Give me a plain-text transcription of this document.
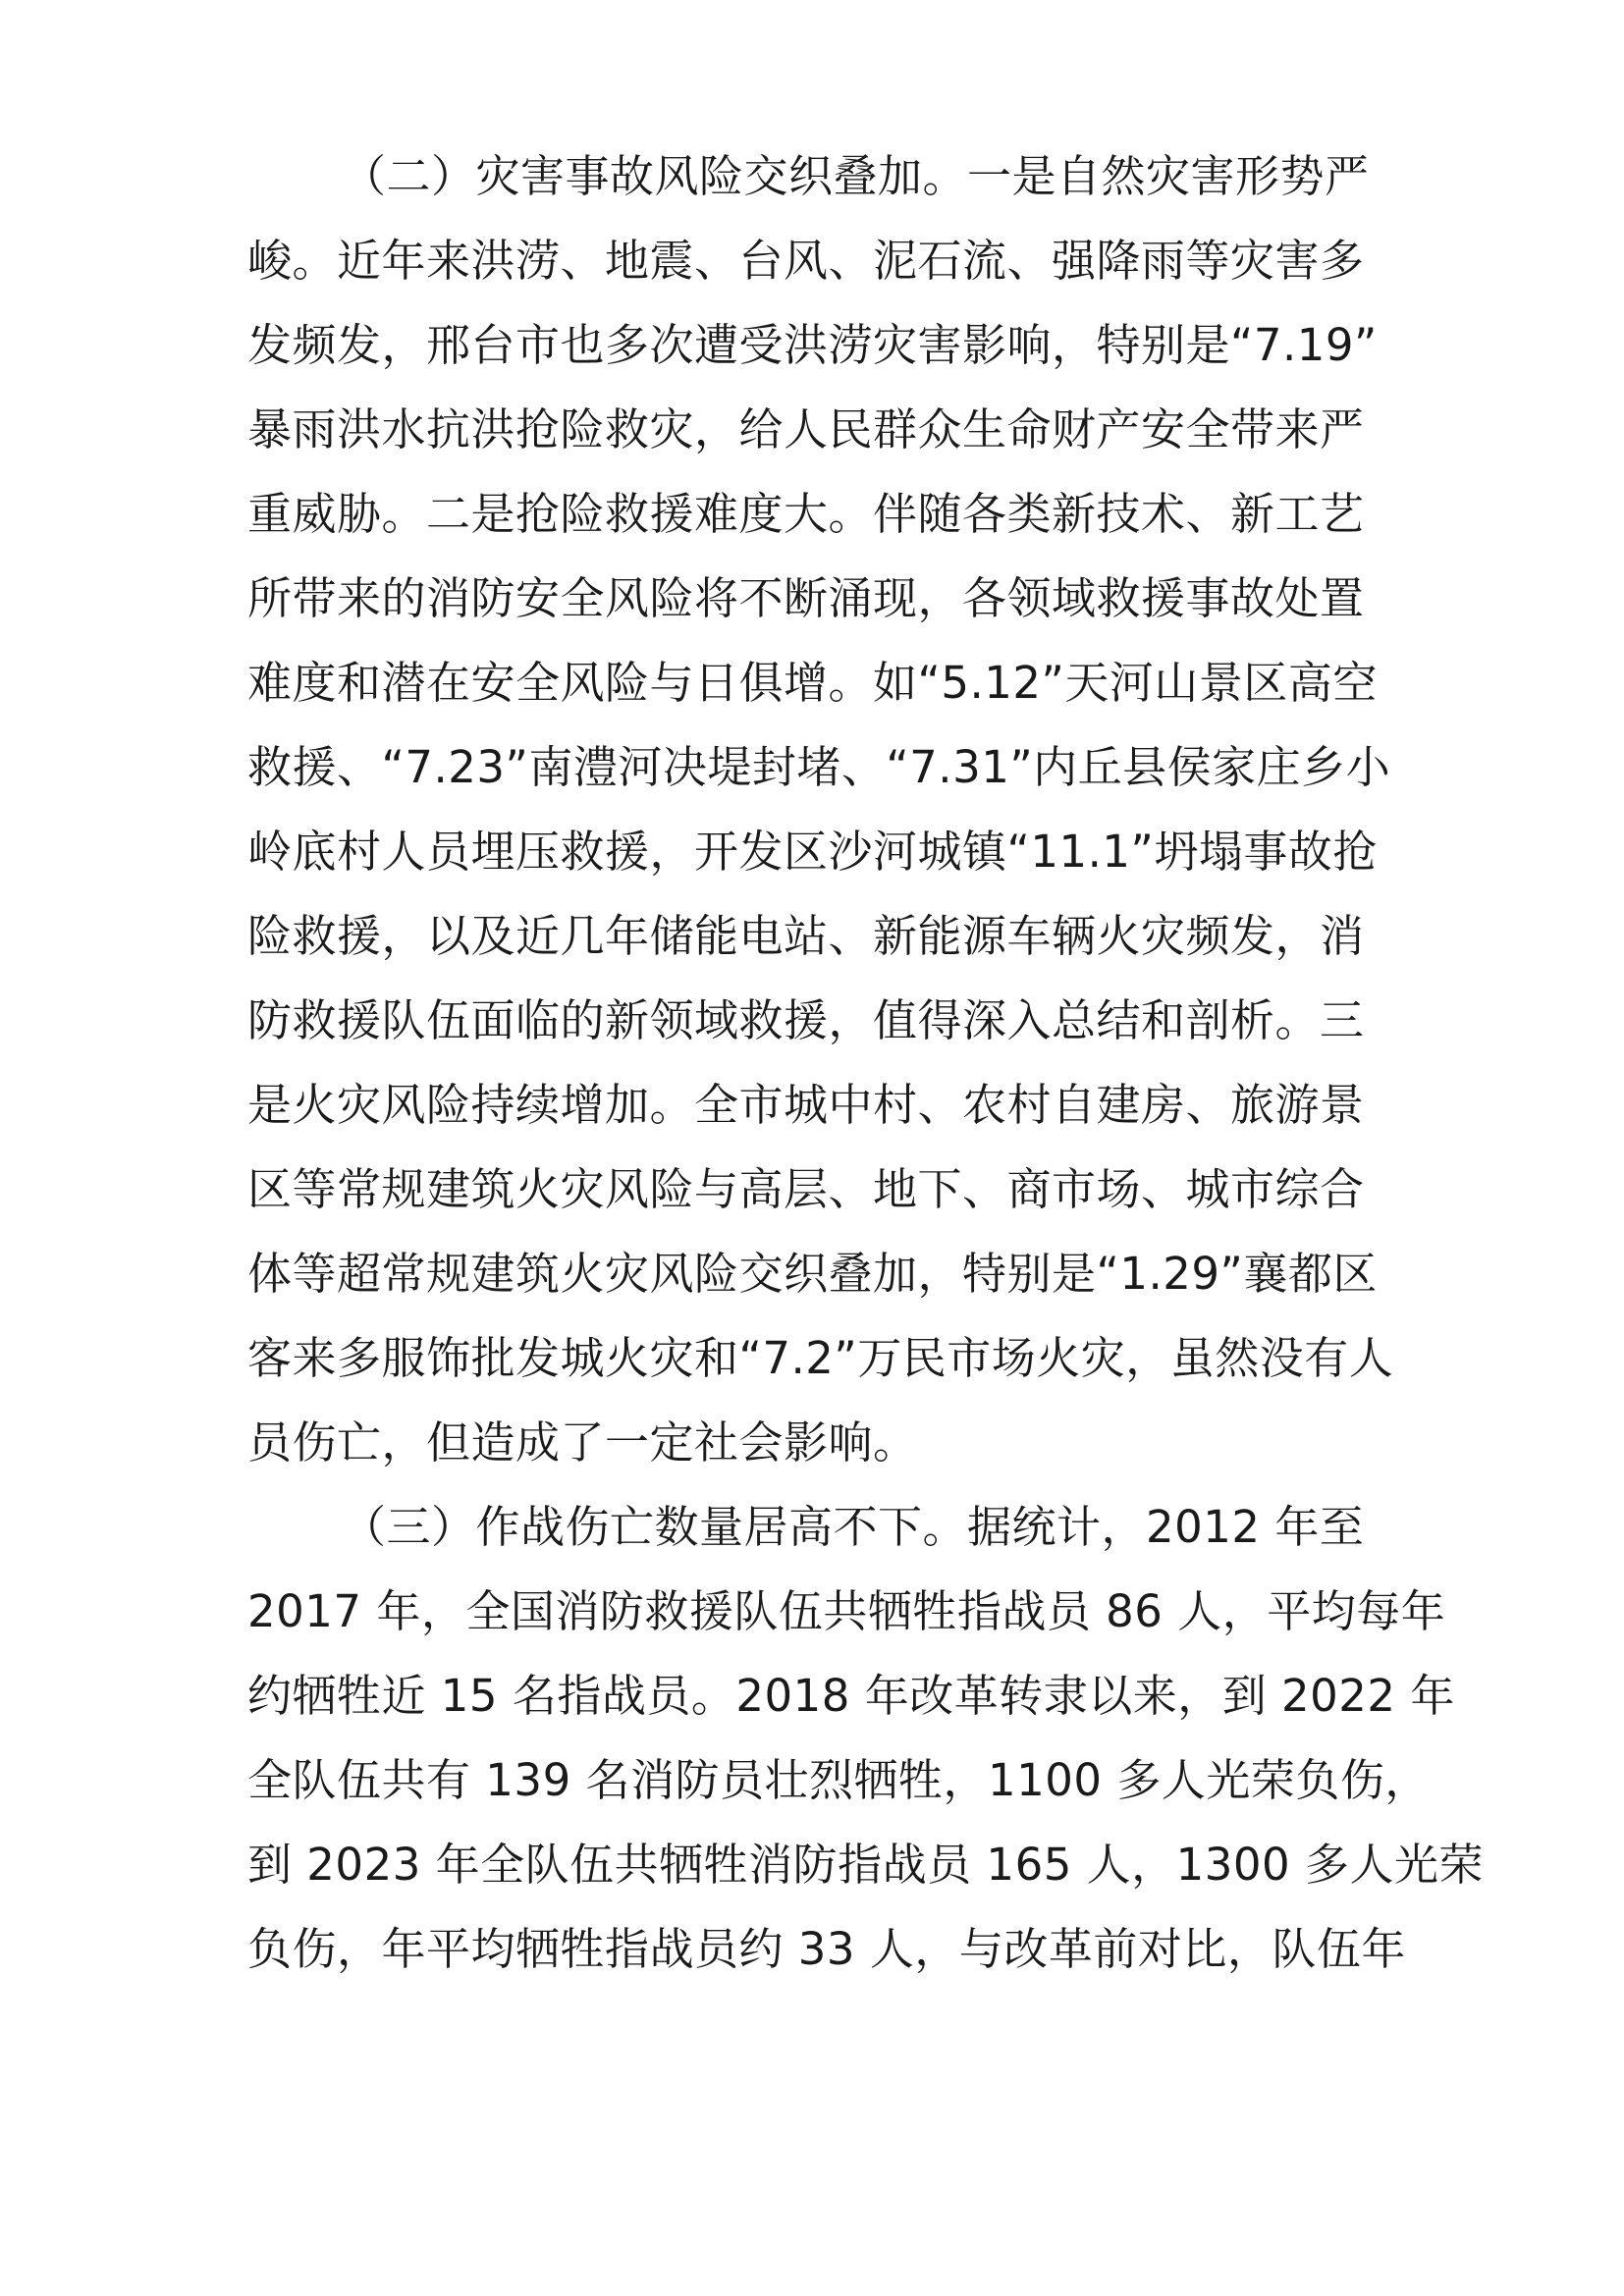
（二）灾害事故风险交织叠加。一是自然灾害形势严

峻。近年来洪涝、地震、台风、泥石流、强降雨等灾害多

发频发，邢台市也多次遭受洪涝灾害影响，特别是“7.19”

暴雨洪水抗洪抢险救灾，给人民群众生命财产安全带来严

重威胁。二是抢险救援难度大。伴随各类新技术、新工艺

所带来的消防安全风险将不断涌现，各领域救援事故处置

难度和潜在安全风险与日俱增。如“5.12”天河山景区高空

救援、“7.23”南澧河决堤封堵、“7.31”内丘县侯家庄乡小

岭底村人员埋压救援，开发区沙河城镇“11.1”坍塌事故抢

险救援，以及近几年储能电站、新能源车辆火灾频发，消

防救援队伍面临的新领域救援，值得深入总结和剖析。三

是火灾风险持续增加。全市城中村、农村自建房、旅游景

区等常规建筑火灾风险与高层、地下、商市场、城市综合

体等超常规建筑火灾风险交织叠加，特别是“1.29”襄都区

客来多服饰批发城火灾和“7.2”万民市场火灾，虽然没有人

员伤亡，但造成了一定社会影响。

（三）作战伤亡数量居高不下。据统计，2012 年至

2017 年，全国消防救援队伍共牺牲指战员 86 人，平均每年

约牺牲近 15 名指战员。2018 年改革转隶以来，到 2022 年

全队伍共有 139 名消防员壮烈牺牲，1100 多人光荣负伤，

到 2023 年全队伍共牺牲消防指战员 165 人，1300 多人光荣

负伤，年平均牺牲指战员约 33 人，与改革前对比，队伍年
